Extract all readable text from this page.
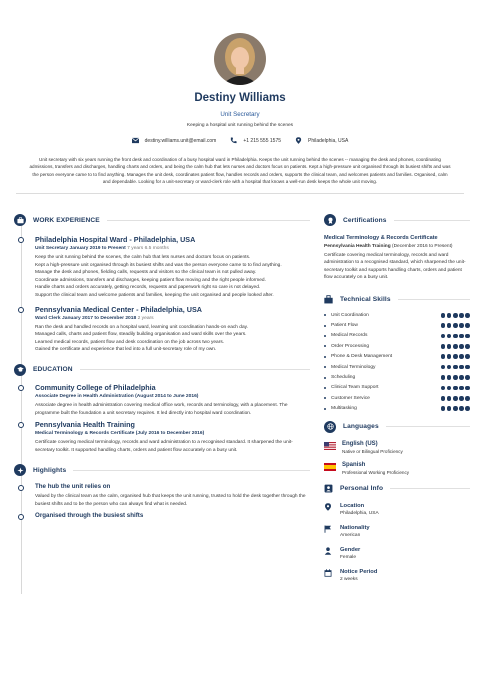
Destiny Williams
Unit Secretary
Keeping a hospital unit running behind the scenes
destiny.williams.unit@email.com	+1 215 555 1575	Philadelphia, USA
Unit secretary with six years running the front desk and coordination of a busy hospital ward in Philadelphia. Keeps the unit running behind the scenes -- managing the desk and phones, coordinating admissions, transfers and discharges, handling charts and orders, and being the calm hub that lets nurses and doctors focus on patients. Kept a high-pressure unit organised through its busiest shifts and was the person everyone came to to find anything. Manages the unit desk, coordinates patient flow, handles records and orders, supports the clinical team, and welcomes patients and families. Organised, calm and dependable. Looking for a unit-secretary or ward-clerk role with a hospital that knows a well-run desk keeps the whole unit moving.
WORK EXPERIENCE
Philadelphia Hospital Ward - Philadelphia, USA
Unit Secretary January 2019 to Present 7 years 6.5 months
Keep the unit running behind the scenes, the calm hub that lets nurses and doctors focus on patients.
Kept a high-pressure unit organised through its busiest shifts and was the person everyone came to to find anything.
Manage the desk and phones, fielding calls, requests and visitors so the clinical team is not pulled away.
Coordinate admissions, transfers and discharges, keeping patient flow moving and the right people informed.
Handle charts and orders accurately, getting records, requests and paperwork right so care is not delayed.
Support the clinical team and welcome patients and families, keeping the unit organised and people looked after.
Pennsylvania Medical Center - Philadelphia, USA
Ward Clerk January 2017 to December 2018 2 years
Ran the desk and handled records on a hospital ward, learning unit coordination hands-on each day.
Managed calls, charts and patient flow, steadily building organisation and ward skills over the years.
Learned medical records, patient flow and desk coordination on the job across two years.
Gained the certificate and experience that led into a full unit-secretary role of my own.
EDUCATION
Community College of Philadelphia
Associate Degree in Health Administration (August 2014 to June 2016)
Associate degree in health administration covering medical office work, records and terminology, with a placement. The programme built the foundation a unit secretary requires. It led directly into hospital ward coordination.
Pennsylvania Health Training
Medical Terminology & Records Certificate (July 2016 to December 2016)
Certificate covering medical terminology, records and ward administration to a recognised standard. It sharpened the unit-secretary toolkit. It supported handling charts, orders and patient flow accurately on a busy unit.
Highlights
The hub the unit relies on
Valued by the clinical team as the calm, organised hub that keeps the unit running, trusted to hold the desk together through the busiest shifts and to be the person who can always find what is needed.
Organised through the busiest shifts
Certifications
Medical Terminology & Records Certificate
Pennsylvania Health Training (December 2016 to Present)
Certificate covering medical terminology, records and ward administration to a recognised standard, which sharpened the unit-secretary toolkit and supports handling charts, orders and patient flow accurately on a busy unit.
Technical Skills
Unit Coordination
Patient Flow
Medical Records
Order Processing
Phone & Desk Management
Medical Terminology
Scheduling
Clinical Team Support
Customer Service
Multitasking
Languages
English (US)
Native or Bilingual Proficiency
Spanish
Professional Working Proficiency
Personal Info
Location
Philadelphia, USA
Nationality
American
Gender
Female
Notice Period
2 weeks
